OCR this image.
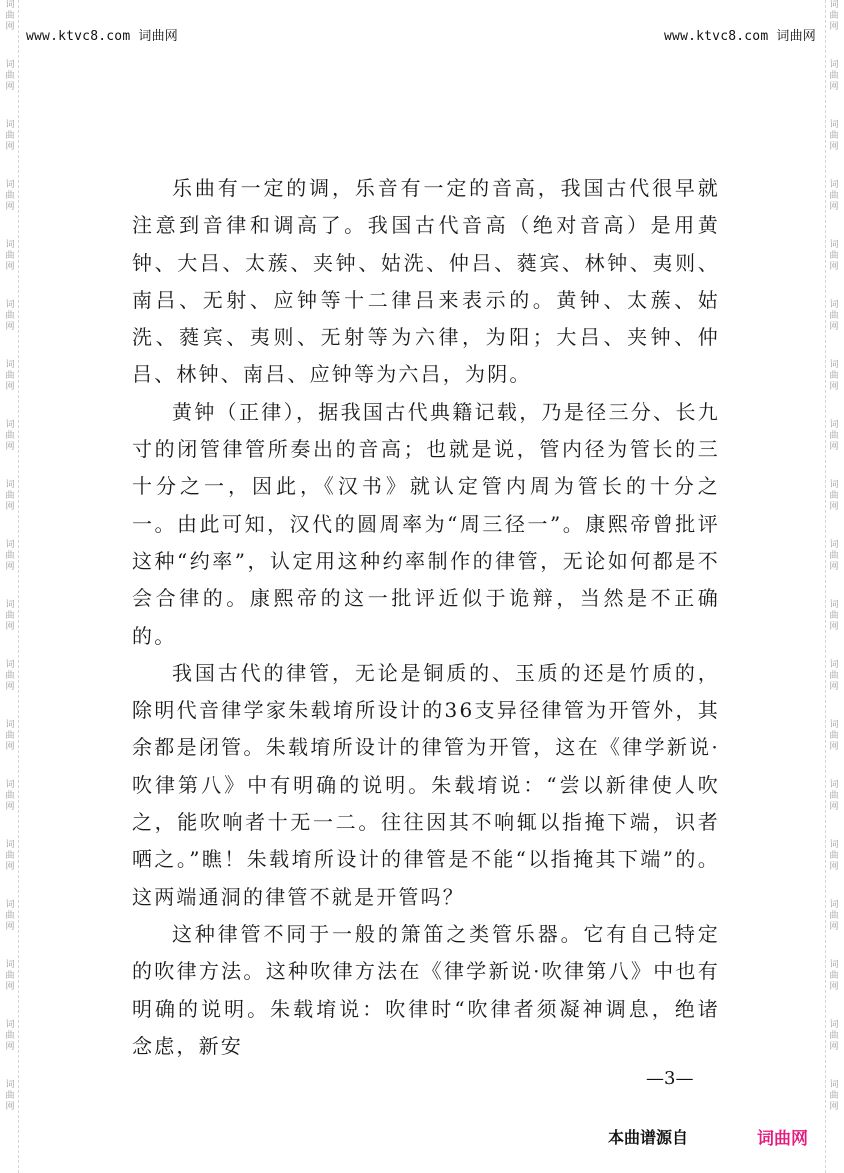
词
曲
网
词
曲
网
词
曲
网
词
曲
网
词
曲
网
词
曲
网
词
曲
网
词
曲
网
词
曲
网
词
曲
网
词
曲
网
词
曲
网
词
曲
网
词
曲
网
词
曲
网
词
曲
网
词
曲
网
词
曲
网
词
曲
网
词
曲
网
词
曲
网
词
曲
网
词
曲
网
词
曲
网
词
曲
网
词
曲
网
词
曲
网
词
曲
网
词
曲
网
词
曲
网
词
曲
网
词
曲
网
词
曲
网
词
曲
网
词
曲
网
词
曲
网
词
曲
网
词
曲
网
www.ktvc8.com 词曲网	www.ktvc8.com 词曲网

乐曲有一定的调，乐音有一定的音高，我国古代很早就注意到音律和调高了。我国古代音高（绝对音高）是用黄钟、大吕、太蔟、夹钟、姑洗、仲吕、蕤宾、林钟、夷则、南吕、无射、应钟等十二律吕来表示的。黄钟、太蔟、姑洗、蕤宾、夷则、无射等为六律，为阳；大吕、夹钟、仲吕、林钟、南吕、应钟等为六吕，为阴。

黄钟（正律），据我国古代典籍记载，乃是径三分、长九寸的闭管律管所奏出的音高；也就是说，管内径为管长的三十分之一，因此，《汉书》就认定管内周为管长的十分之一。由此可知，汉代的圆周率为“周三径一”。康熙帝曾批评这种“约率”，认定用这种约率制作的律管，无论如何都是不会合律的。康熙帝的这一批评近似于诡辩，当然是不正确的。

我国古代的律管，无论是铜质的、玉质的还是竹质的，除明代音律学家朱载堉所设计的36支异径律管为开管外，其余都是闭管。朱载堉所设计的律管为开管，这在《律学新说·吹律第八》中有明确的说明。朱载堉说：“尝以新律使人吹之，能吹响者十无一二。往往因其不响辄以指掩下端，识者哂之。”瞧！朱载堉所设计的律管是不能“以指掩其下端”的。这两端通洞的律管不就是开管吗？

这种律管不同于一般的箫笛之类管乐器。它有自己特定的吹律方法。这种吹律方法在《律学新说·吹律第八》中也有明确的说明。朱载堉说：吹律时“吹律者须凝神调息，绝诸念虑，新安

—3—
本曲谱源自	词曲网
